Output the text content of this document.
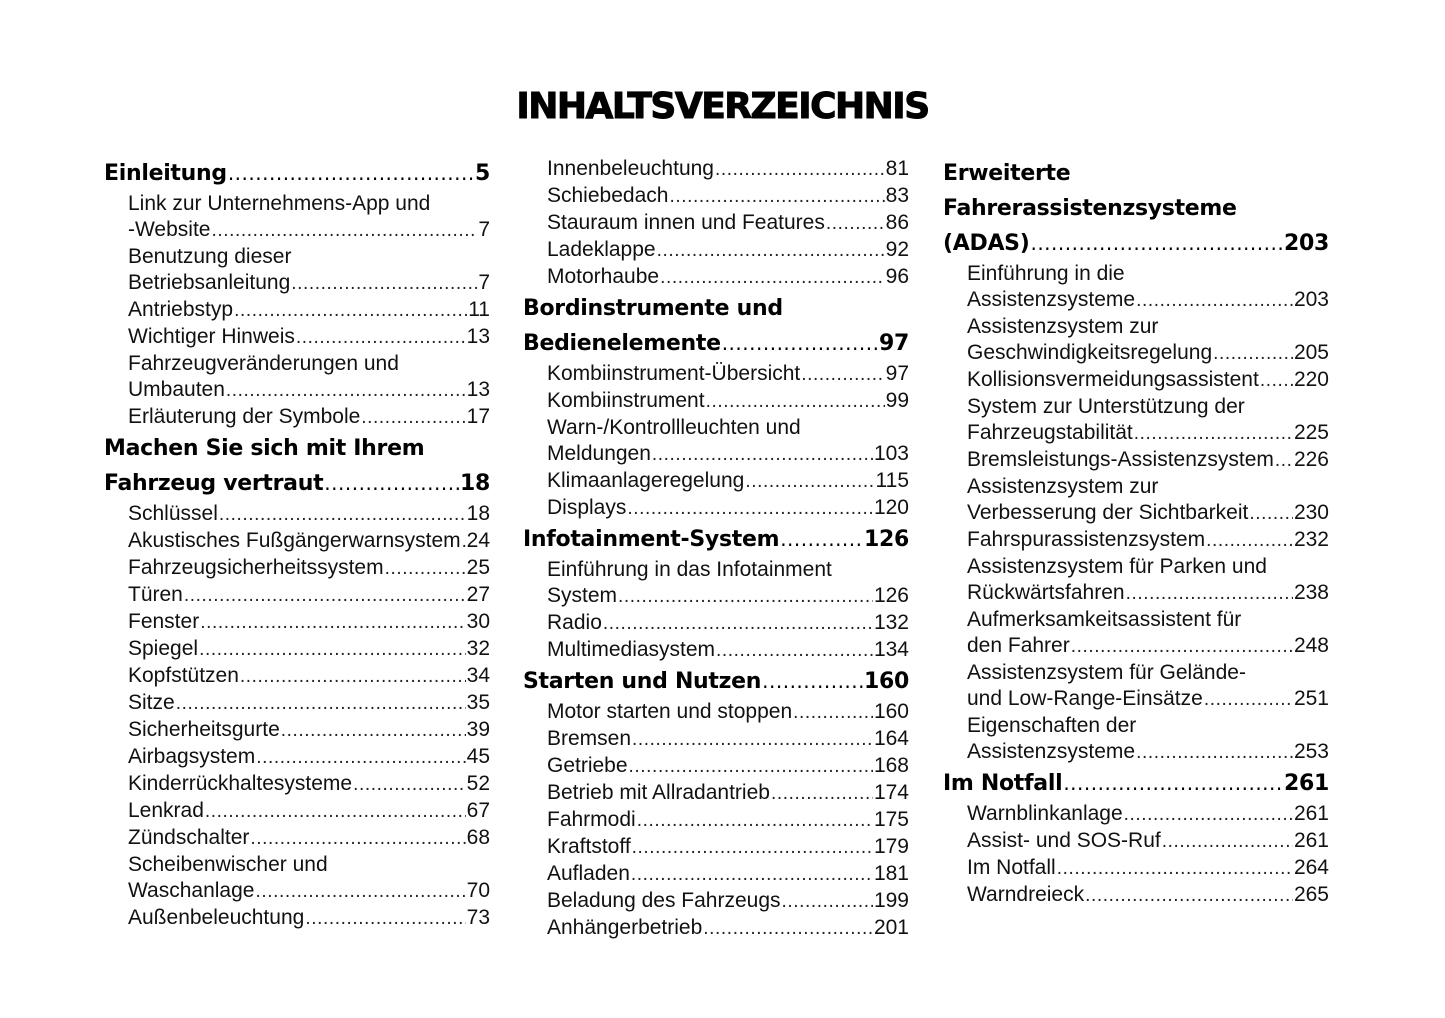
INHALTSVERZEICHNIS
Einleitung .....	5
Link zur Unternehmens-App und
-Website .....	7
Benutzung dieser
Betriebsanleitung .....	7
Antriebstyp .....	11
Wichtiger Hinweis .....	13
Fahrzeugveränderungen und
Umbauten .....	13
Erläuterung der Symbole .....	17
Machen Sie sich mit Ihrem
Fahrzeug vertraut .....	18
Schlüssel .....	18
Akustisches Fußgängerwarnsystem ..... 24
Fahrzeugsicherheitssystem .....	25
Türen .....	27
Fenster .....	30
Spiegel .....	32
Kopfstützen .....	34
Sitze .....	35
Sicherheitsgurte .....	39
Airbagsystem .....	45
Kinderrückhaltesysteme .....	52
Lenkrad .....	67
Zündschalter .....	68
Scheibenwischer und
Waschanlage .....	70
Außenbeleuchtung .....	73
Innenbeleuchtung .....	81
Schiebedach .....	83
Stauraum innen und Features .....	86
Ladeklappe .....	92
Motorhaube .....	96
Bordinstrumente und
Bedienelemente .....	97
Kombiinstrument-Übersicht .....	97
Kombiinstrument .....	99
Warn-/Kontrollleuchten und
Meldungen .....	103
Klimaanlageregelung .....	115
Displays .....	120
Infotainment-System .....	126
Einführung in das Infotainment
System .....	126
Radio .....	132
Multimediasystem .....	134
Starten und Nutzen .....	160
Motor starten und stoppen .....	160
Bremsen .....	164
Getriebe .....	168
Betrieb mit Allradantrieb .....	174
Fahrmodi .....	175
Kraftstoff .....	179
Aufladen .....	181
Beladung des Fahrzeugs .....	199
Anhängerbetrieb .....	201
Erweiterte
Fahrerassistenzsysteme
(ADAS) .....	203
Einführung in die
Assistenzsysteme .....	203
Assistenzsystem zur
Geschwindigkeitsregelung .....	205
Kollisionsvermeidungsassistent ..... 220
System zur Unterstützung der
Fahrzeugstabilität .....	225
Bremsleistungs-Assistenzsystem ..... 226
Assistenzsystem zur
Verbesserung der Sichtbarkeit ..... 230
Fahrspurassistenzsystem .....	232
Assistenzsystem für Parken und
Rückwärtsfahren .....	238
Aufmerksamkeitsassistent für
den Fahrer .....	248
Assistenzsystem für Gelände-
und Low-Range-Einsätze .....	251
Eigenschaften der
Assistenzsysteme .....	253
Im Notfall .....	261
Warnblinkanlage .....	261
Assist- und SOS-Ruf .....	261
Im Notfall .....	264
Warndreieck .....	265
